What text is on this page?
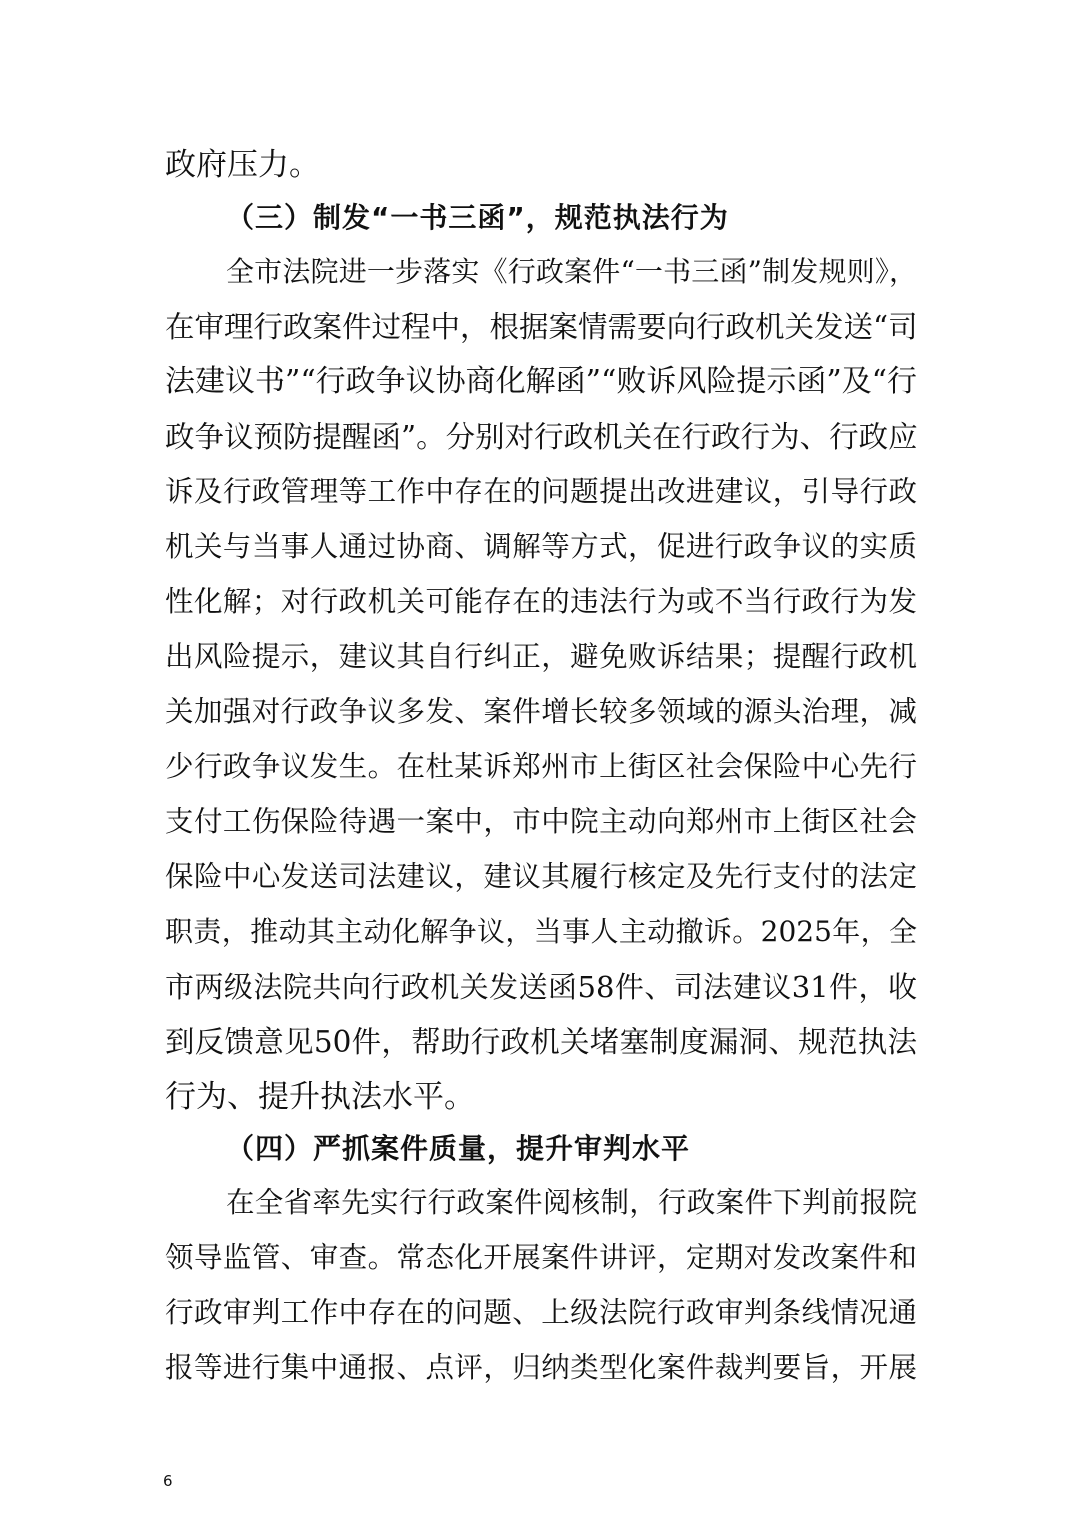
政府压力。
（三）制发“一书三函”，规范执法行为
全市法院进一步落实《行政案件“一书三函”制发规则》，
在审理行政案件过程中，根据案情需要向行政机关发送“司
法建议书”“行政争议协商化解函”“败诉风险提示函”及“行
政争议预防提醒函”。分别对行政机关在行政行为、行政应
诉及行政管理等工作中存在的问题提出改进建议，引导行政
机关与当事人通过协商、调解等方式，促进行政争议的实质
性化解；对行政机关可能存在的违法行为或不当行政行为发
出风险提示，建议其自行纠正，避免败诉结果；提醒行政机
关加强对行政争议多发、案件增长较多领域的源头治理，减
少行政争议发生。在杜某诉郑州市上街区社会保险中心先行
支付工伤保险待遇一案中，市中院主动向郑州市上街区社会
保险中心发送司法建议，建议其履行核定及先行支付的法定
职责，推动其主动化解争议，当事人主动撤诉。2025年，全
市两级法院共向行政机关发送函58件、司法建议31件，收
到反馈意见50件，帮助行政机关堵塞制度漏洞、规范执法
行为、提升执法水平。
（四）严抓案件质量，提升审判水平
在全省率先实行行政案件阅核制，行政案件下判前报院
领导监管、审查。常态化开展案件讲评，定期对发改案件和
行政审判工作中存在的问题、上级法院行政审判条线情况通
报等进行集中通报、点评，归纳类型化案件裁判要旨，开展
6
